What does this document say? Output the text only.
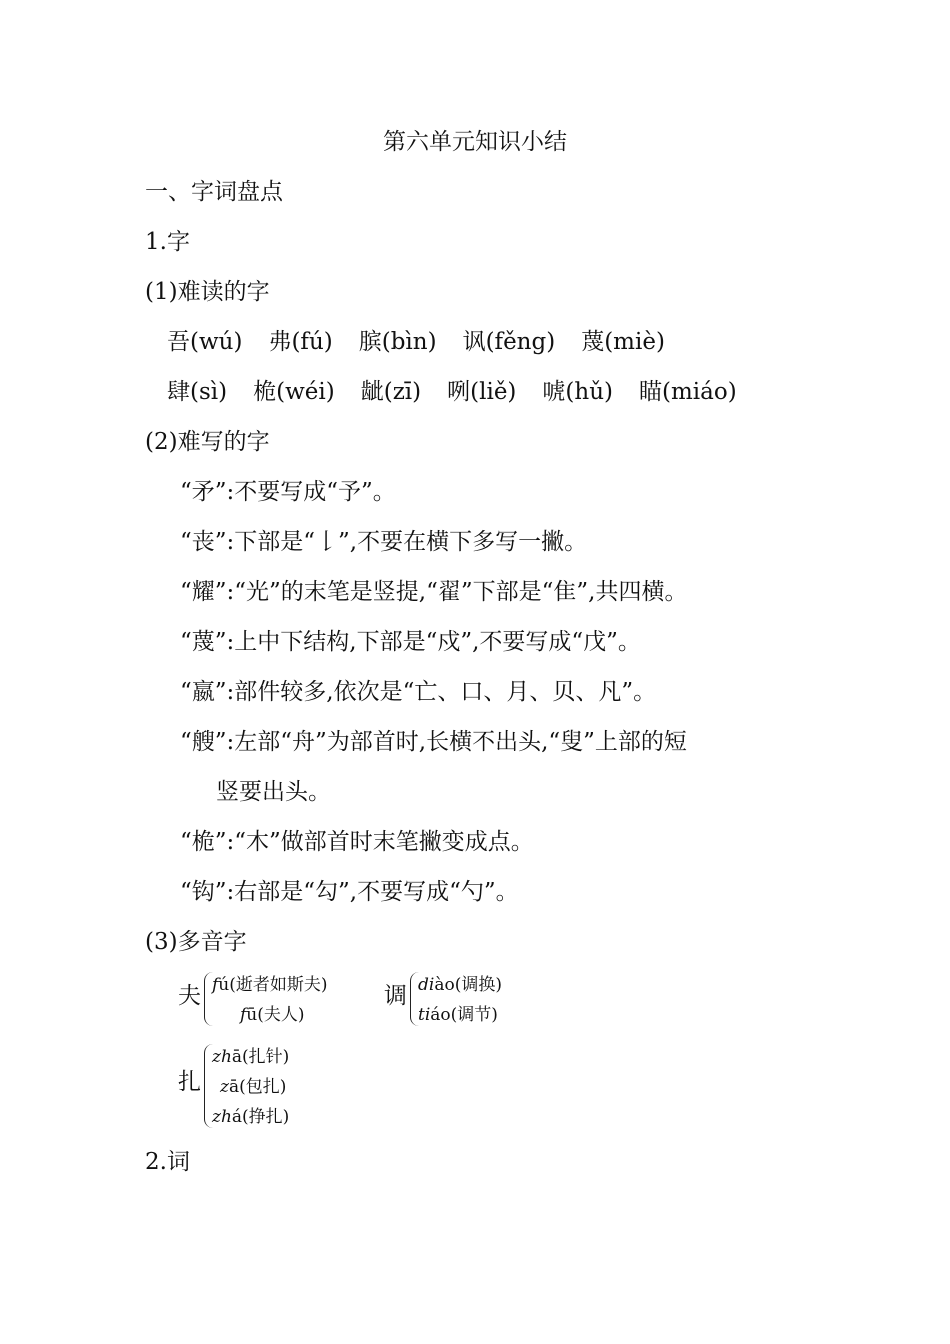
第六单元知识小结
一、字词盘点
1.字
(1)难读的字
吾(wú) 弗(fú) 膑(bìn) 讽(fěng) 蔑(miè)
肆(sì) 桅(wéi) 龇(zī) 咧(liě) 唬(hǔ) 瞄(miáo)
(2)难写的字
“矛”:不要写成“予”。
“丧”:下部是“𠄌”,不要在横下多写一撇。
“耀”:“光”的末笔是竖提,“翟”下部是“隹”,共四横。
“蔑”:上中下结构,下部是“戍”,不要写成“戊”。
“嬴”:部件较多,依次是“亡、口、月、贝、凡”。
“艘”:左部“舟”为部首时,长横不出头,“叟”上部的短
竖要出头。
“桅”:“木”做部首时末笔撇变成点。
“钩”:右部是“勾”,不要写成“勺”。
(3)多音字
夫 fú(逝者如斯夫)
fū(夫人)
调 diào(调换)
tiáo(调节)
扎
zhā(扎针)
zā(包扎)
zhá(挣扎)
2.词
